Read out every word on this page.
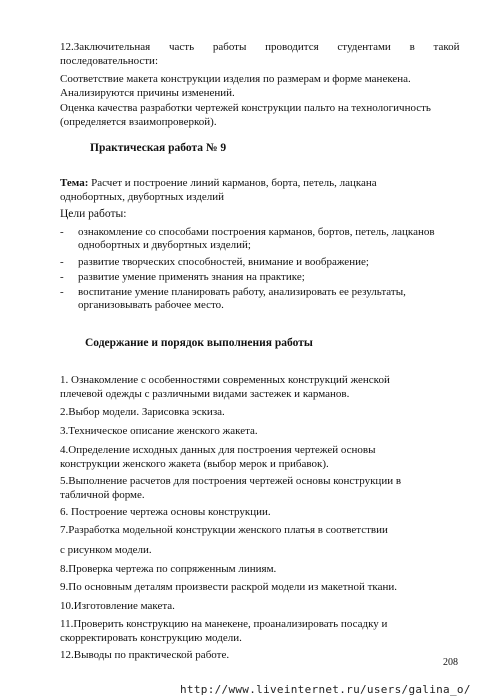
12.Заключительная часть работы проводится студентами в такой
последовательности:

Соответствие макета конструкции изделия по размерам и форме манекена.
Анализируются причины изменений.

Оценка качества разработки чертежей конструкции пальто на технологичность
(определяется взаимопроверкой).

Практическая работа № 9

Тема: Расчет и построение линий карманов, борта, петель, лацкана
однобортных, двубортных изделий

Цели работы:

- ознакомление со способами построения карманов, бортов, петель, лацканов
однобортных и двубортных изделий;
- развитие творческих способностей, внимание и воображение;
- развитие умение применять знания на практике;
- воспитание умение планировать работу, анализировать ее результаты,
организовывать рабочее место.

Содержание и порядок выполнения работы

1. Ознакомление с особенностями современных конструкций женской
плечевой одежды с различными видами застежек и карманов.

2.Выбор модели. Зарисовка эскиза.

3.Техническое описание женского жакета.

4.Определение исходных данных для построения чертежей основы
конструкции женского жакета (выбор мерок и прибавок).

5.Выполнение расчетов для построения чертежей основы конструкции в
табличной форме.

6. Построение чертежа основы конструкции.

7.Разработка модельной конструкции женского платья в соответствии

с рисунком модели.

8.Проверка чертежа по сопряженным линиям.

9.По основным деталям произвести раскрой модели из макетной ткани.

10.Изготовление макета.

11.Проверить конструкцию на манекене, проанализировать посадку и
скорректировать конструкцию модели.

12.Выводы по практической работе.

208
http://www.liveinternet.ru/users/galina_o/
